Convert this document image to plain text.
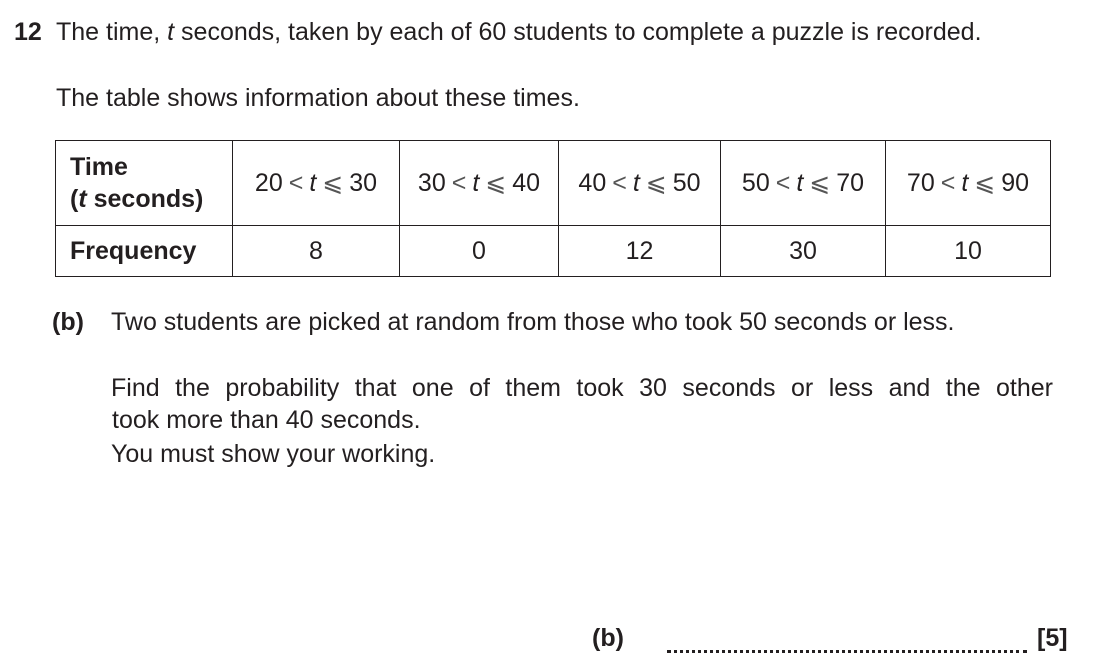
12 The time, t seconds, taken by each of 60 students to complete a puzzle is recorded.
The table shows information about these times.
Time
(t seconds)	20 < t ⩽ 30	30 < t ⩽ 40	40 < t ⩽ 50	50 < t ⩽ 70	70 < t ⩽ 90
Frequency	8	0	12	30	10
(b) Two students are picked at random from those who took 50 seconds or less.
Find the probability that one of them took 30 seconds or less and the other
took more than 40 seconds.
You must show your working.
(b)	[5]
